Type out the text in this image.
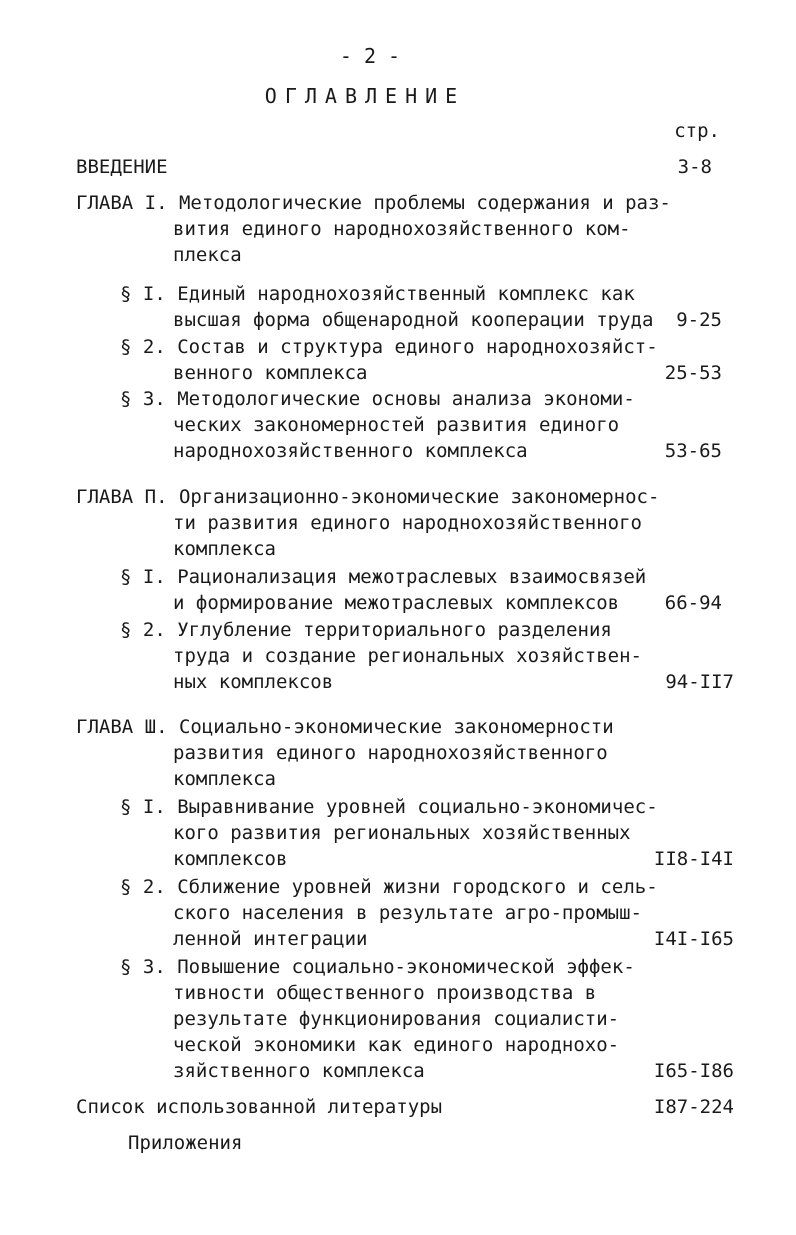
- 2 -
ОГЛАВЛЕНИЕ
стр.
ВВЕДЕНИЕ	3-8
ГЛАВА I. Методологические проблемы содержания и раз-
вития единого народнохозяйственного ком-
плекса
§ I. Единый народнохозяйственный комплекс как
высшая форма общенародной кооперации труда	9-25
§ 2. Состав и структура единого народнохозяйст-
венного комплекса	25-53
§ 3. Методологические основы анализа экономи-
ческих закономерностей развития единого
народнохозяйственного комплекса	53-65
ГЛАВА П. Организационно-экономические закономернос-
ти развития единого народнохозяйственного
комплекса
§ I. Рационализация межотраслевых взаимосвязей
и формирование межотраслевых комплексов	66-94
§ 2. Углубление территориального разделения
труда и создание региональных хозяйствен-
ных комплексов	94-II7
ГЛАВА Ш. Социально-экономические закономерности
развития единого народнохозяйственного
комплекса
§ I. Выравнивание уровней социально-экономичес-
кого развития региональных хозяйственных
комплексов	II8-I4I
§ 2. Сближение уровней жизни городского и сель-
ского населения в результате агро-промыш-
ленной интеграции	I4I-I65
§ 3. Повышение социально-экономической эффек-
тивности общественного производства в
результате функционирования социалисти-
ческой экономики как единого народнохо-
зяйственного комплекса	I65-I86
Список использованной литературы	I87-224
Приложения
